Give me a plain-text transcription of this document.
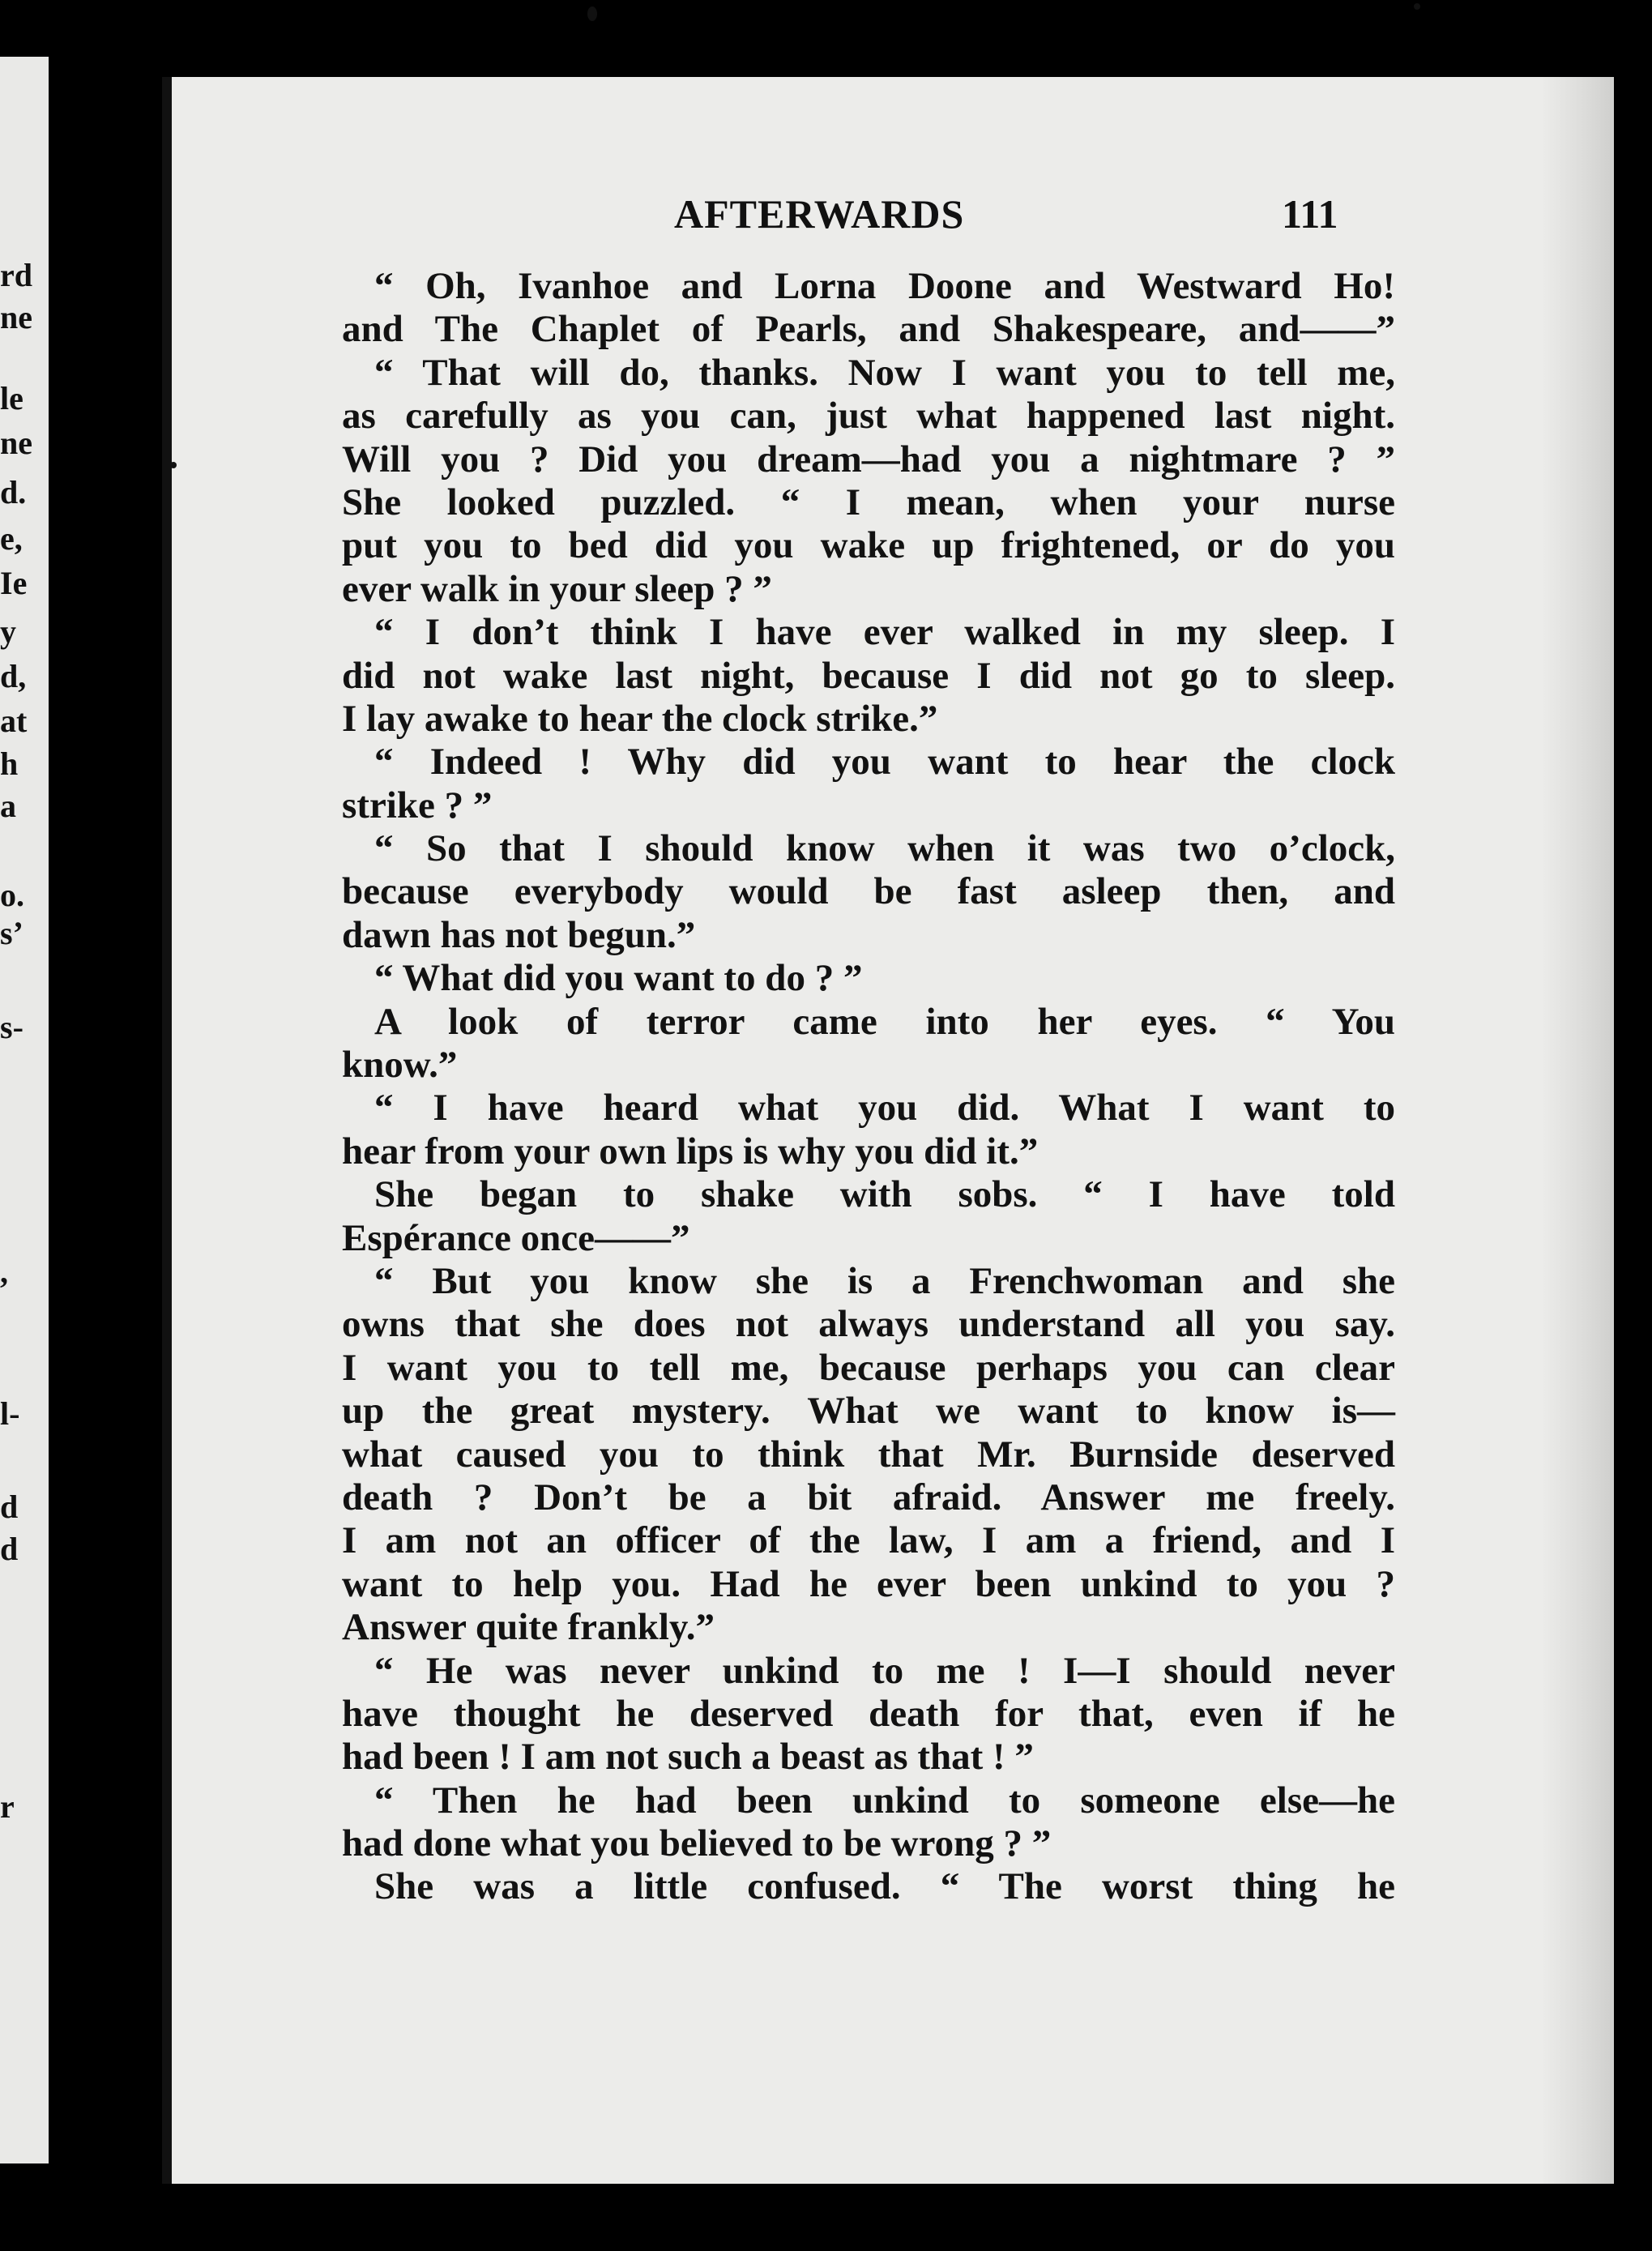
rd
ne
le
ne
d.
e,
Ie
y
d,
at
h
a
o.
s’
s-
,
l-
d
d
r
AFTERWARDS	111
“ Oh, Ivanhoe and Lorna Doone and Westward Ho!
and The Chaplet of Pearls, and Shakespeare, and——”
“ That will do, thanks. Now I want you to tell me,
as carefully as you can, just what happened last night.
Will you ? Did you dream—had you a nightmare ? ”
She looked puzzled. “ I mean, when your nurse
put you to bed did you wake up frightened, or do you
ever walk in your sleep ? ”
“ I don’t think I have ever walked in my sleep. I
did not wake last night, because I did not go to sleep.
I lay awake to hear the clock strike.”
“ Indeed ! Why did you want to hear the clock
strike ? ”
“ So that I should know when it was two o’clock,
because everybody would be fast asleep then, and
dawn has not begun.”
“ What did you want to do ? ”
A look of terror came into her eyes. “ You
know.”
“ I have heard what you did. What I want to
hear from your own lips is why you did it.”
She began to shake with sobs. “ I have told
Espérance once——”
“ But you know she is a Frenchwoman and she
owns that she does not always understand all you say.
I want you to tell me, because perhaps you can clear
up the great mystery. What we want to know is—
what caused you to think that Mr. Burnside deserved
death ? Don’t be a bit afraid. Answer me freely.
I am not an officer of the law, I am a friend, and I
want to help you. Had he ever been unkind to you ?
Answer quite frankly.”
“ He was never unkind to me ! I—I should never
have thought he deserved death for that, even if he
had been ! I am not such a beast as that ! ”
“ Then he had been unkind to someone else—he
had done what you believed to be wrong ? ”
She was a little confused. “ The worst thing he
